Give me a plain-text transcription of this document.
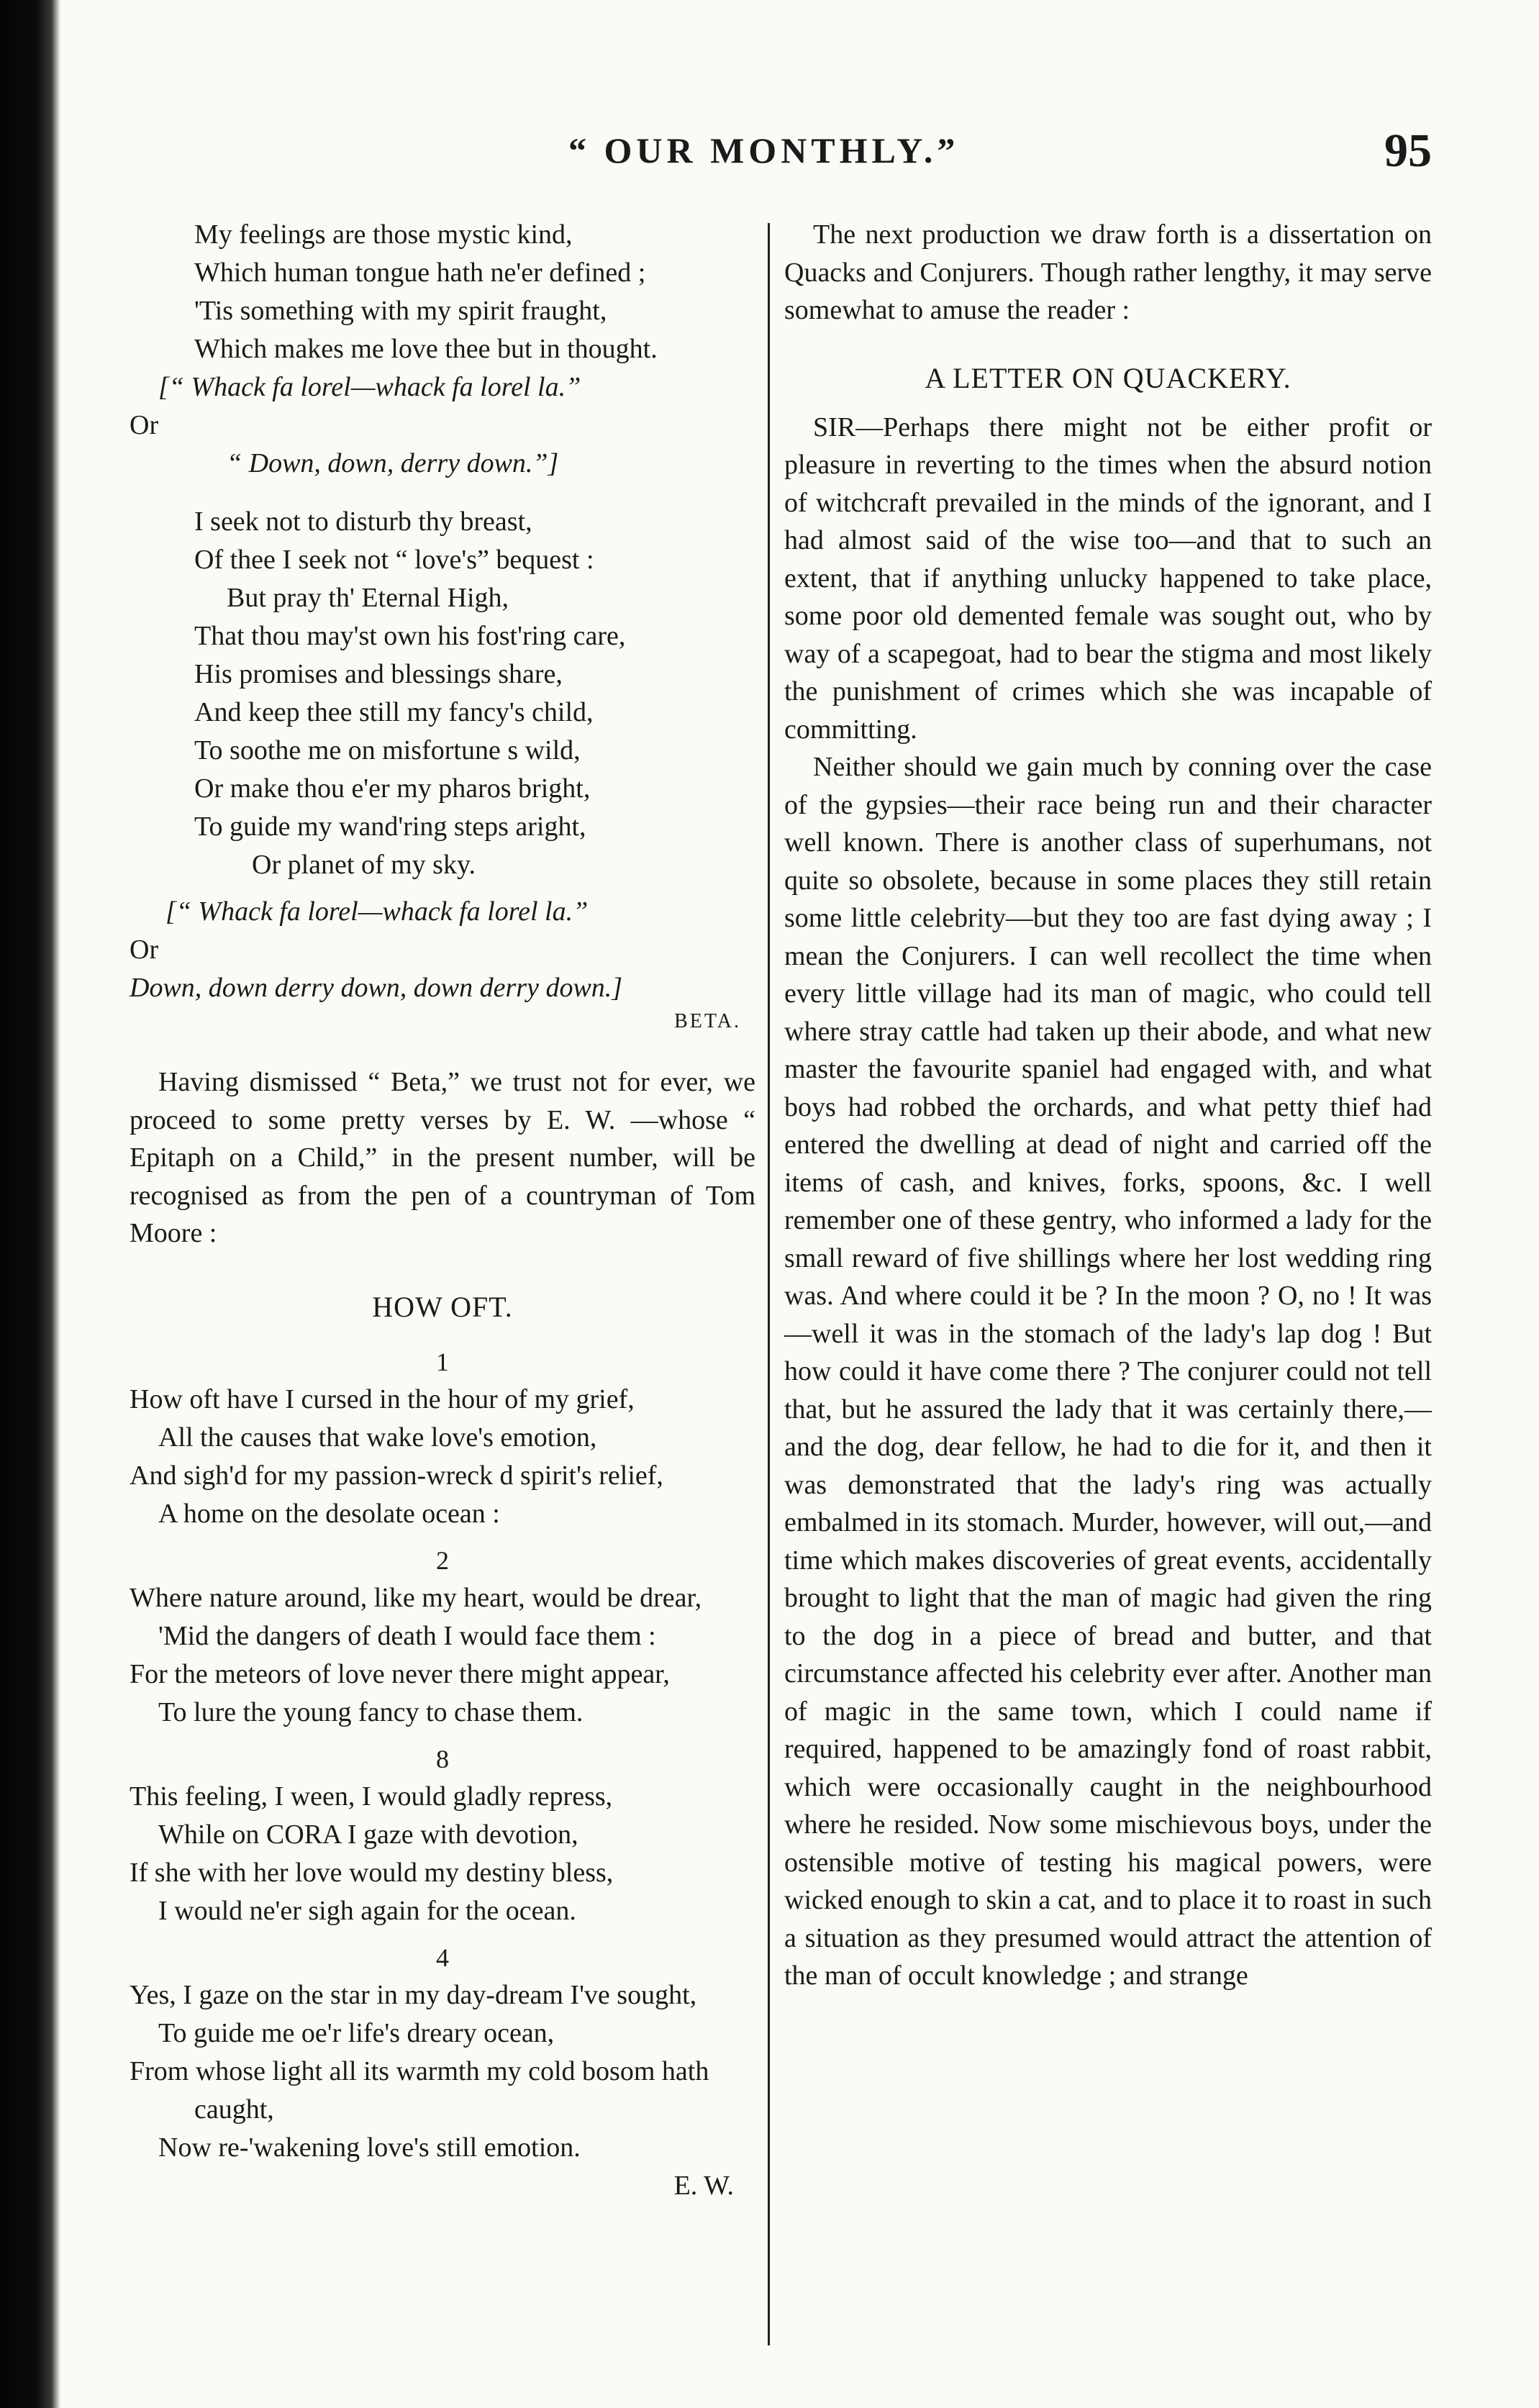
“ OUR MONTHLY.”	95
My feelings are those mystic kind,
Which human tongue hath ne'er defined ;
'Tis something with my spirit fraught,
Which makes me love thee but in thought.
[“ Whack fa lorel—whack fa lorel la.”
Or
“ Down, down, derry down.”]
I seek not to disturb thy breast,
Of thee I seek not “ love's” bequest :
But pray th' Eternal High,
That thou may'st own his fost'ring care,
His promises and blessings share,
And keep thee still my fancy's child,
To soothe me on misfortune s wild,
Or make thou e'er my pharos bright,
To guide my wand'ring steps aright,
Or planet of my sky.
[“ Whack fa lorel—whack fa lorel la.”
Or
Down, down derry down, down derry down.]
BETA.

Having dismissed “ Beta,” we trust not for ever, we proceed to some pretty verses by E. W. —whose “ Epitaph on a Child,” in the present number, will be recognised as from the pen of a countryman of Tom Moore :

HOW OFT.
1
How oft have I cursed in the hour of my grief,
All the causes that wake love's emotion,
And sigh'd for my passion-wreck d spirit's relief,
A home on the desolate ocean :
2
Where nature around, like my heart, would be drear,
'Mid the dangers of death I would face them :
For the meteors of love never there might appear,
To lure the young fancy to chase them.
8
This feeling, I ween, I would gladly repress,
While on CORA I gaze with devotion,
If she with her love would my destiny bless,
I would ne'er sigh again for the ocean.
4
Yes, I gaze on the star in my day-dream I've sought,
To guide me oe'r life's dreary ocean,
From whose light all its warmth my cold bosom hath caught,
Now re-'wakening love's still emotion.
E. W.

The next production we draw forth is a dissertation on Quacks and Conjurers. Though rather lengthy, it may serve somewhat to amuse the reader :

A LETTER ON QUACKERY.

SIR—Perhaps there might not be either profit or pleasure in reverting to the times when the absurd notion of witchcraft prevailed in the minds of the ignorant, and I had almost said of the wise too—and that to such an extent, that if anything unlucky happened to take place, some poor old demented female was sought out, who by way of a scapegoat, had to bear the stigma and most likely the punishment of crimes which she was incapable of committing.

Neither should we gain much by conning over the case of the gypsies—their race being run and their character well known. There is another class of superhumans, not quite so obsolete, because in some places they still retain some little celebrity—but they too are fast dying away ; I mean the Conjurers. I can well recollect the time when every little village had its man of magic, who could tell where stray cattle had taken up their abode, and what new master the favourite spaniel had engaged with, and what boys had robbed the orchards, and what petty thief had entered the dwelling at dead of night and carried off the items of cash, and knives, forks, spoons, &c. I well remember one of these gentry, who informed a lady for the small reward of five shillings where her lost wedding ring was. And where could it be ? In the moon ? O, no ! It was—well it was in the stomach of the lady's lap dog ! But how could it have come there ? The conjurer could not tell that, but he assured the lady that it was certainly there,—and the dog, dear fellow, he had to die for it, and then it was demonstrated that the lady's ring was actually embalmed in its stomach. Murder, however, will out,—and time which makes discoveries of great events, accidentally brought to light that the man of magic had given the ring to the dog in a piece of bread and butter, and that circumstance affected his celebrity ever after. Another man of magic in the same town, which I could name if required, happened to be amazingly fond of roast rabbit, which were occasionally caught in the neighbourhood where he resided. Now some mischievous boys, under the ostensible motive of testing his magical powers, were wicked enough to skin a cat, and to place it to roast in such a situation as they presumed would attract the attention of the man of occult knowledge ; and strange
